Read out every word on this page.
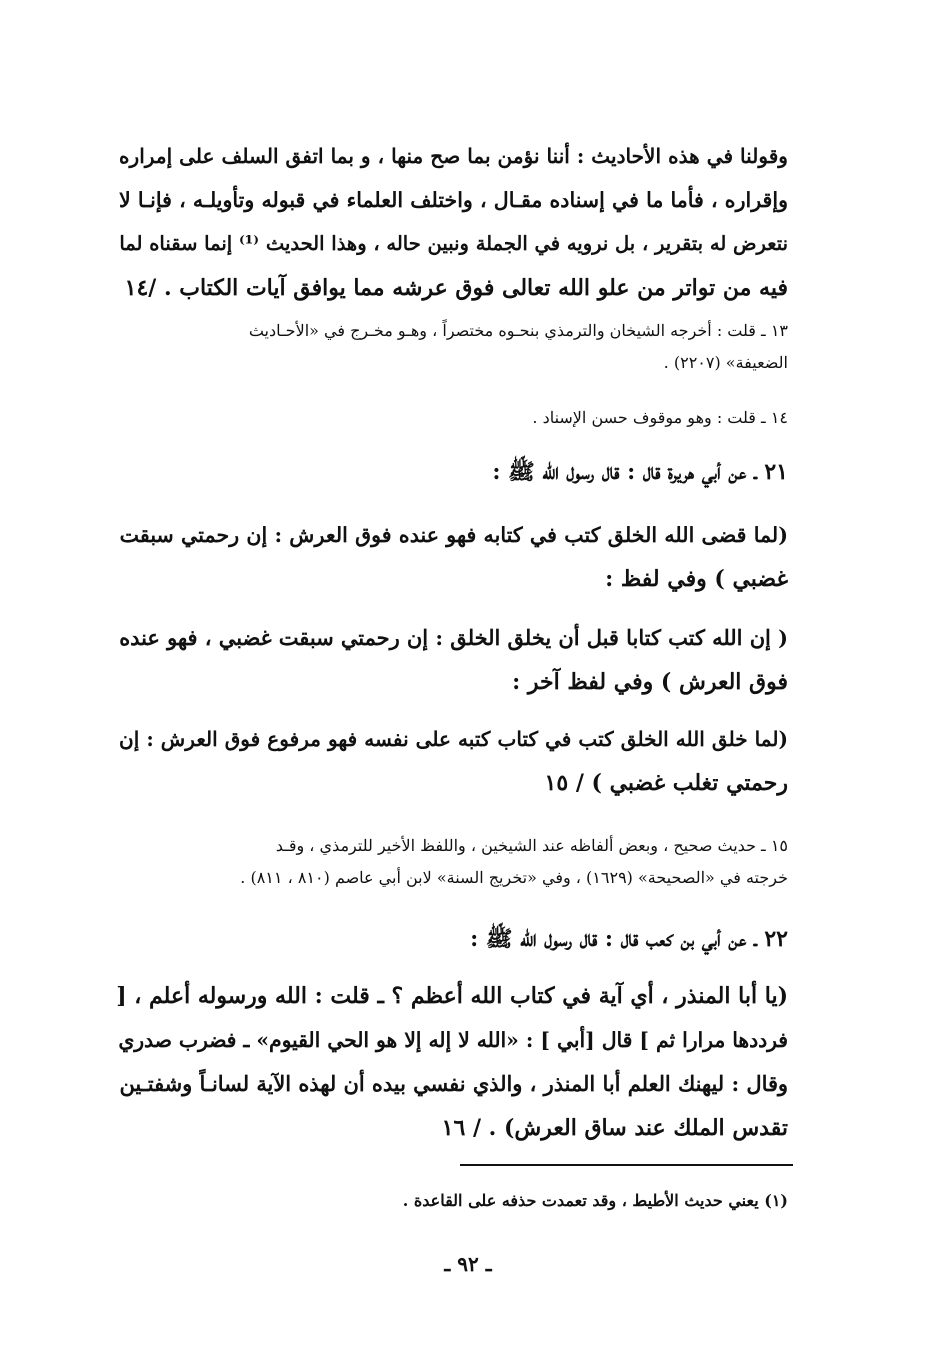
وقولنا في هذه الأحاديث : أننا نؤمن بما صح منها ، و بما اتفق السلف على إمراره
وإقراره ، فأما ما في إسناده مقـال ، واختلف العلماء في قبوله وتأويلـه ، فإنـا لا
نتعرض له بتقرير ، بل نرويه في الجملة ونبين حاله ، وهذا الحديث ⁽¹⁾ إنما سقناه لما
فيه من تواتر من علو الله تعالى فوق عرشه مما يوافق آيات الكتاب . /١٤
١٣ ـ قلت : أخرجه الشيخان والترمذي بنحـوه مختصراً ، وهـو مخـرج في «الأحـاديث
الضعيفة» (٢٢٠٧) .
١٤ ـ قلت : وهو موقوف حسن الإسناد .
٢١ ـ عن أبي هريرة قال : قال رسول الله ﷺ :
(لما قضى الله الخلق كتب في كتابه فهو عنده فوق العرش : إن رحمتي سبقت
غضبي ) وفي لفظ :
( إن الله كتب كتابا قبل أن يخلق الخلق : إن رحمتي سبقت غضبي ، فهو عنده
فوق العرش ) وفي لفظ آخر :
(لما خلق الله الخلق كتب في كتاب كتبه على نفسه فهو مرفوع فوق العرش : إن
رحمتي تغلب غضبي ) / ١٥
١٥ ـ حديث صحيح ، وبعض ألفاظه عند الشيخين ، واللفظ الأخير للترمذي ، وقـد
خرجته في «الصحيحة» (١٦٢٩) ، وفي «تخريج السنة» لابن أبي عاصم (٨١٠ ، ٨١١) .
٢٢ ـ عن أبي بن كعب قال : قال رسول الله ﷺ :
(يا أبا المنذر ، أي آية في كتاب الله أعظم ؟ ـ قلت : الله ورسوله أعلم ، [
فرددها مرارا ثم ] قال [أبي ] : «الله لا إله إلا هو الحي القيوم» ـ فضرب صدري
وقال : ليهنك العلم أبا المنذر ، والذي نفسي بيده أن لهذه الآية لسانـاً وشفتـين
تقدس الملك عند ساق العرش) . / ١٦
(١) يعني حديث الأطيط ، وقد تعمدت حذفه على القاعدة .
ـ ٩٢ ـ
